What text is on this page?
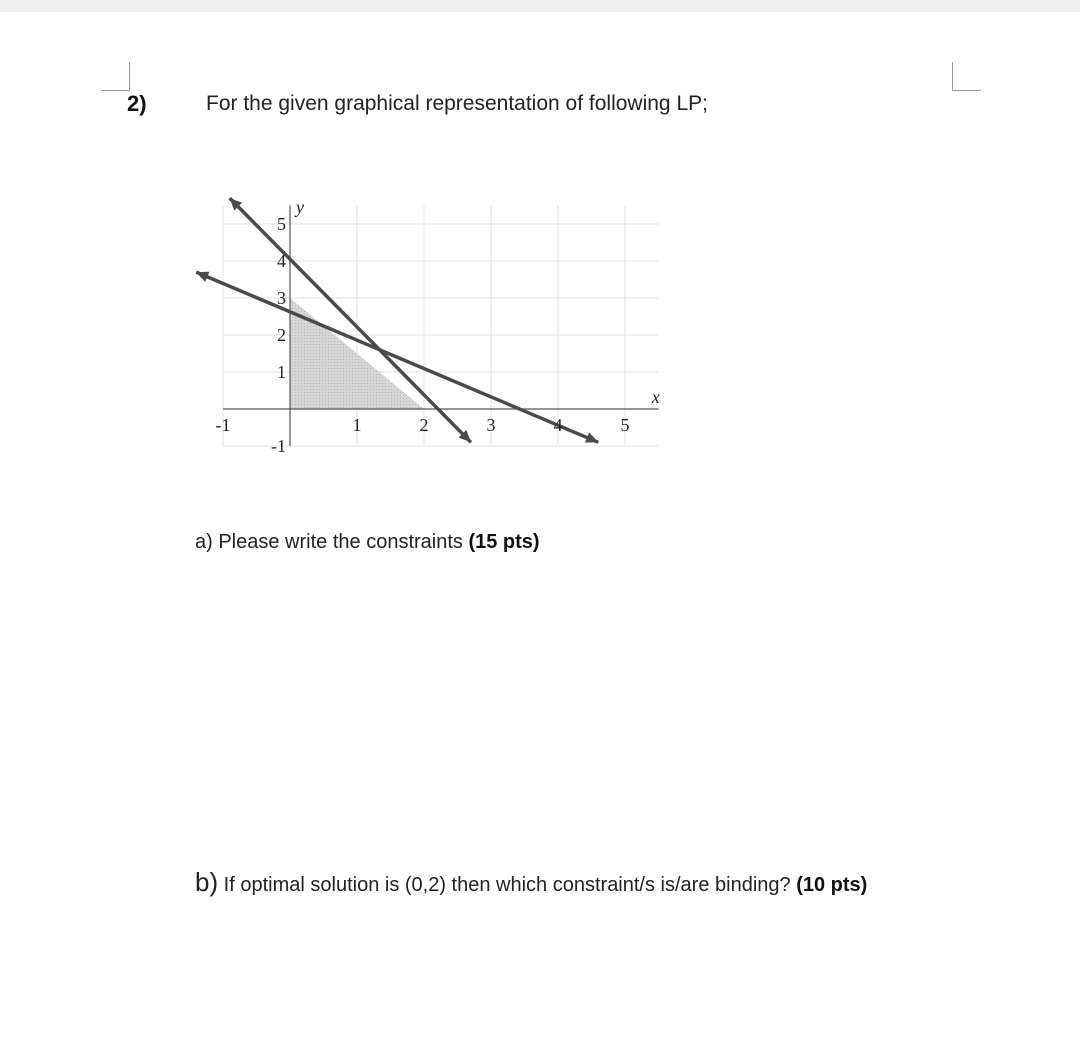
2)	For the given graphical representation of following LP;
-1	1	2	3	4	5
5
4
3
2
1
-1
x
y
a) Please write the constraints (15 pts)
b) If optimal solution is (0,2) then which constraint/s is/are binding? (10 pts)
